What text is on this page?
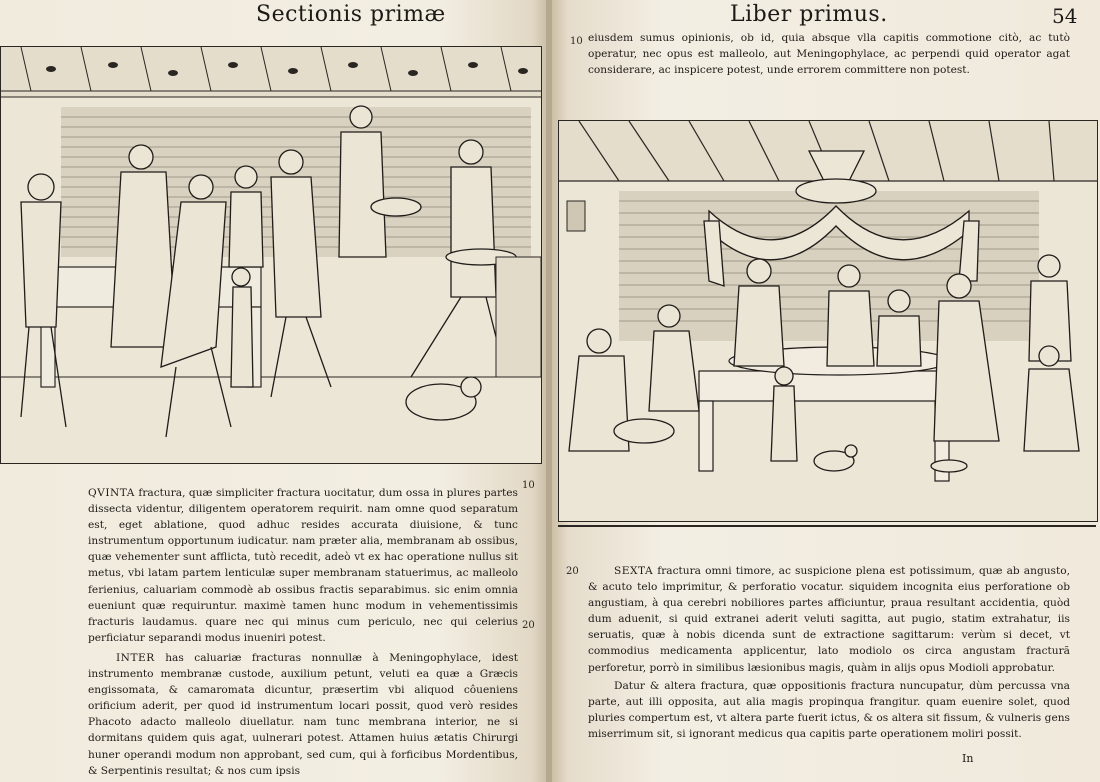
Sectionis primæ
10
QVINTA fractura, quæ simpliciter fractura uocitatur, dum ossa in plures partes dissecta videntur, diligentem operatorem requirit. nam omne quod separatum est, eget ablatione, quod adhuc resides accurata diuisione, & tunc instrumentum opportunum iudicatur. nam præter alia, membranam ab ossibus, quæ vehementer sunt afflicta, tutò recedit, adeò vt ex hac operatione nullus sit metus, vbi latam partem lenticulæ super membranam statuerimus, ac malleolo ferienius, caluariam commodè ab ossibus fractis separabimus. sic enim omnia eueniunt quæ requiruntur. maximè tamen hunc modum in vehementissimis fracturis laudamus. quare nec qui minus cum periculo, nec qui celerius perficiatur separandi modus inueniri potest.
20
INTER has caluariæ fracturas nonnullæ à Meningophylace, idest instrumento membranæ custode, auxilium petunt, veluti ea quæ a Græcis engissomata, & camaromata dicuntur, præsertim vbi aliquod côueniens orificium aderit, per quod id instrumentum locari possit, quod verò resides Phacoto adacto malleolo diuellatur. nam tunc membrana interior, ne si dormitans quidem quis agat, uulnerari potest. Attamen huius ætatis Chirurgi huner operandi modum non approbant, sed cum, qui à forficibus Mordentibus, & Serpentinis resultat; & nos cum ipsis
Liber primus.	54
10 eiusdem sumus opinionis, ob id, quia absque vlla capitis commotione citò, ac tutò operatur, nec opus est malleolo, aut Meningophylace, ac perpendi quid operator agat considerare, ac inspicere potest, unde errorem committere non potest.
20	SEXTA fractura omni timore, ac suspicione plena est potissimum, quæ ab angusto, & acuto telo imprimitur, & perforatio vocatur. siquidem incognita eius perforatione ob angustiam, à qua cerebri nobiliores partes afficiuntur, praua resultant accidentia, quòd dum aduenit, si quid extranei aderit veluti sagitta, aut pugio, statim extrahatur, iis seruatis, quæ à nobis dicenda sunt de extractione sagittarum: verùm si decet, vt commodius medicamenta applicentur, lato modiolo os circa angustam fracturã perforetur, porrò in similibus læsionibus magis, quàm in alijs opus Modioli approbatur.
Datur & altera fractura, quæ oppositionis fractura nuncupatur, dùm percussa vna parte, aut illi opposita, aut alia magis propinqua frangitur. quam euenire solet, quod pluries compertum est, vt altera parte fuerit ictus, & os altera sit fissum, & vulneris gens miserrimum sit, si ignorant medicus qua capitis parte operationem moliri possit.
In
